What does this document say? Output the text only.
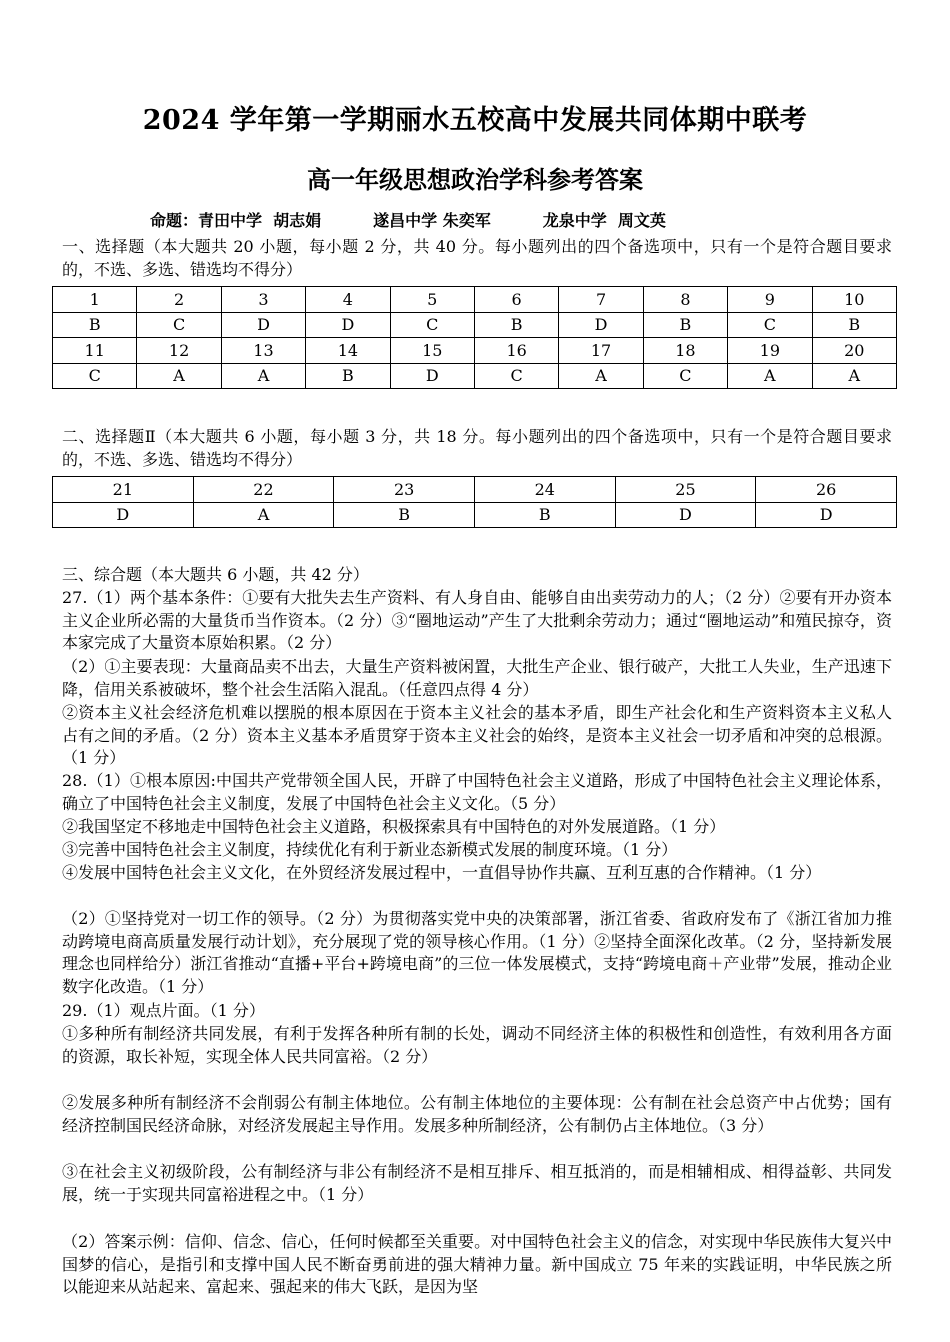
2024 学年第一学期丽水五校高中发展共同体期中联考
高一年级思想政治学科参考答案
命题：青田中学  胡志娟	遂昌中学 朱奕军	龙泉中学  周文英
一、选择题（本大题共 20 小题，每小题 2 分，共 40 分。每小题列出的四个备选项中，只有一个是符合题目要求的，不选、多选、错选均不得分）
1	2	3	4	5	6	7	8	9	10
B	C	D	D	C	B	D	B	C	B
11	12	13	14	15	16	17	18	19	20
C	A	A	B	D	C	A	C	A	A
二、选择题Ⅱ（本大题共 6 小题，每小题 3 分，共 18 分。每小题列出的四个备选项中，只有一个是符合题目要求的，不选、多选、错选均不得分）
21	22	23	24	25	26
D	A	B	B	D	D
三、综合题（本大题共 6 小题，共 42 分）
27.（1）两个基本条件：①要有大批失去生产资料、有人身自由、能够自由出卖劳动力的人；（2 分）②要有开办资本主义企业所必需的大量货币当作资本。（2 分）③“圈地运动”产生了大批剩余劳动力；通过“圈地运动”和殖民掠夺，资本家完成了大量资本原始积累。（2 分）
（2）①主要表现：大量商品卖不出去，大量生产资料被闲置，大批生产企业、银行破产，大批工人失业，生产迅速下降，信用关系被破坏，整个社会生活陷入混乱。（任意四点得 4 分）
②资本主义社会经济危机难以摆脱的根本原因在于资本主义社会的基本矛盾，即生产社会化和生产资料资本主义私人占有之间的矛盾。（2 分）资本主义基本矛盾贯穿于资本主义社会的始终，是资本主义社会一切矛盾和冲突的总根源。（1 分）
28.（1）①根本原因:中国共产党带领全国人民，开辟了中国特色社会主义道路，形成了中国特色社会主义理论体系，确立了中国特色社会主义制度，发展了中国特色社会主义文化。（5 分）
②我国坚定不移地走中国特色社会主义道路，积极探索具有中国特色的对外发展道路。（1 分）
③完善中国特色社会主义制度，持续优化有利于新业态新模式发展的制度环境。（1 分）
④发展中国特色社会主义文化，在外贸经济发展过程中，一直倡导协作共赢、互利互惠的合作精神。（1 分）
（2）①坚持党对一切工作的领导。（2 分）为贯彻落实党中央的决策部署，浙江省委、省政府发布了《浙江省加力推动跨境电商高质量发展行动计划》，充分展现了党的领导核心作用。（1 分）②坚持全面深化改革。（2 分，坚持新发展理念也同样给分）浙江省推动“直播+平台+跨境电商”的三位一体发展模式，支持“跨境电商＋产业带”发展，推动企业数字化改造。（1 分）
29.（1）观点片面。（1 分）
①多种所有制经济共同发展，有利于发挥各种所有制的长处，调动不同经济主体的积极性和创造性，有效利用各方面的资源，取长补短，实现全体人民共同富裕。（2 分）
②发展多种所有制经济不会削弱公有制主体地位。公有制主体地位的主要体现：公有制在社会总资产中占优势；国有经济控制国民经济命脉，对经济发展起主导作用。发展多种所制经济，公有制仍占主体地位。（3 分）
③在社会主义初级阶段，公有制经济与非公有制经济不是相互排斥、相互抵消的，而是相辅相成、相得益彰、共同发展，统一于实现共同富裕进程之中。（1 分）
（2）答案示例：信仰、信念、信心，任何时候都至关重要。对中国特色社会主义的信念，对实现中华民族伟大复兴中国梦的信心，是指引和支撑中国人民不断奋勇前进的强大精神力量。新中国成立 75 年来的实践证明，中华民族之所以能迎来从站起来、富起来、强起来的伟大飞跃，是因为坚
